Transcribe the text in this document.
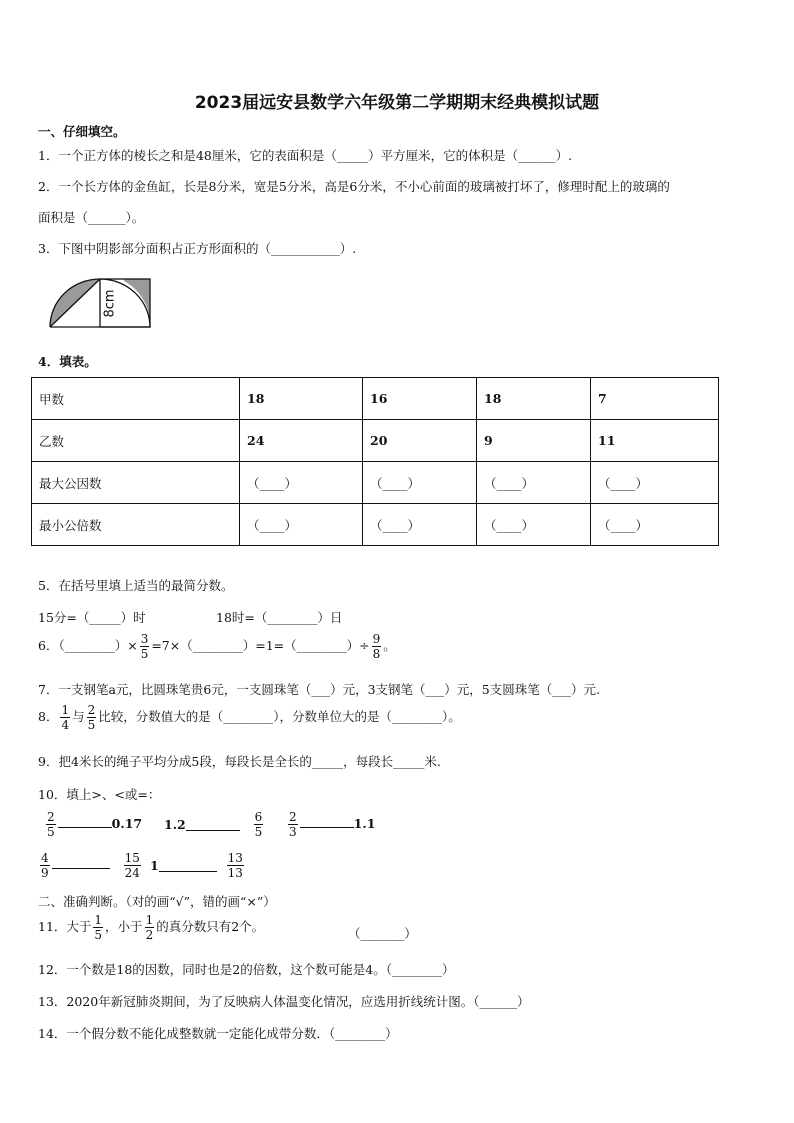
2023届远安县数学六年级第二学期期末经典模拟试题
一、仔细填空。
1．一个正方体的棱长之和是48厘米，它的表面积是（_____）平方厘米，它的体积是（______）.
2．一个长方体的金鱼缸，长是8分米，宽是5分米，高是6分米，不小心前面的玻璃被打坏了，修理时配上的玻璃的
面积是（______）。
3．下图中阴影部分面积占正方形面积的（___________）.
8cm
4．填表。
甲数	18	16	18	7
乙数	24	20	9	11
最大公因数	（____）	（____）	（____）	（____）
最小公倍数	（____）	（____）	（____）	（____）
5．在括号里填上适当的最简分数。
15分=（_____）时	18时=（________）日
6．（________）× $\frac{3}{5}$ =7×（________）=1=（________）÷ $\frac{9}{8}$ 。
7．一支钢笔a元，比圆珠笔贵6元，一支圆珠笔（___）元，3支钢笔（___）元，5支圆珠笔（___）元.
8． $\frac{1}{4}$ 与 $\frac{2}{5}$ 比较，分数值大的是（________），分数单位大的是（________）。
9．把4米长的绳子平均分成5段，每段长是全长的_____，每段长_____米.
10．填上>、<或=：
$\frac{2}{5}$	0.17 1.2	$\frac{6}{5} \frac{2}{3}$	1.1
$\frac{4}{9}$
	$\frac{15}{24} 1$	$\frac{13}{13}$
二、准确判断。（对的画“√”，错的画“×”）
11．大于 $\frac{1}{5}$ ，小于 $\frac{1}{2}$ 的真分数只有2个。	（_______）
12．一个数是18的因数，同时也是2的倍数，这个数可能是4。（________）
13．2020年新冠肺炎期间，为了反映病人体温变化情况，应选用折线统计图。（______）
14．一个假分数不能化成整数就一定能化成带分数．（________）
